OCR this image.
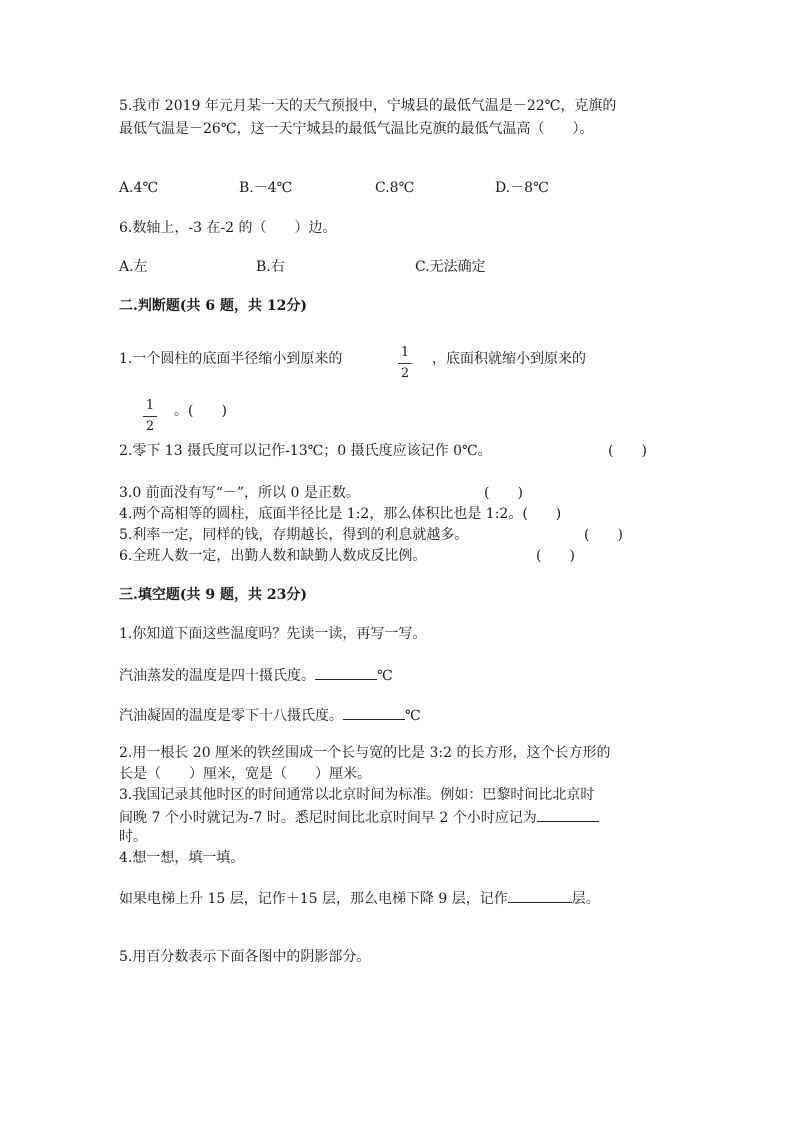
5.我市 2019 年元月某一天的天气预报中，宁城县的最低气温是－22℃，克旗的
最低气温是－26℃，这一天宁城县的最低气温比克旗的最低气温高（　　）。
A.4℃	B.－4℃	C.8℃	D.－8℃
6.数轴上，-3 在-2 的（　　）边。
A.左	B.右	C.无法确定
二.判断题(共 6 题，共 12分)
1.一个圆柱的底面半径缩小到原来的	1
2
，底面积就缩小到原来的
1
2
。(　　)
2.零下 13 摄氏度可以记作-13℃；0 摄氏度应该记作 0℃。	(　　)
3.0 前面没有写“－”，所以 0 是正数。	(　　)
4.两个高相等的圆柱，底面半径比是 1:2，那么体积比也是 1:2。(　　)
5.利率一定，同样的钱，存期越长，得到的利息就越多。	(　　)
6.全班人数一定，出勤人数和缺勤人数成反比例。	(　　)
三.填空题(共 9 题，共 23分)
1.你知道下面这些温度吗？先读一读，再写一写。
汽油蒸发的温度是四十摄氏度。	℃
汽油凝固的温度是零下十八摄氏度。	℃
2.用一根长 20 厘米的铁丝围成一个长与宽的比是 3:2 的长方形，这个长方形的
长是（　　）厘米，宽是（　　）厘米。
3.我国记录其他时区的时间通常以北京时间为标准。例如：巴黎时间比北京时
间晚 7 个小时就记为-7 时。悉尼时间比北京时间早 2 个小时应记为
时。
4.想一想，填一填。
如果电梯上升 15 层，记作＋15 层，那么电梯下降 9 层，记作	层。
5.用百分数表示下面各图中的阴影部分。
